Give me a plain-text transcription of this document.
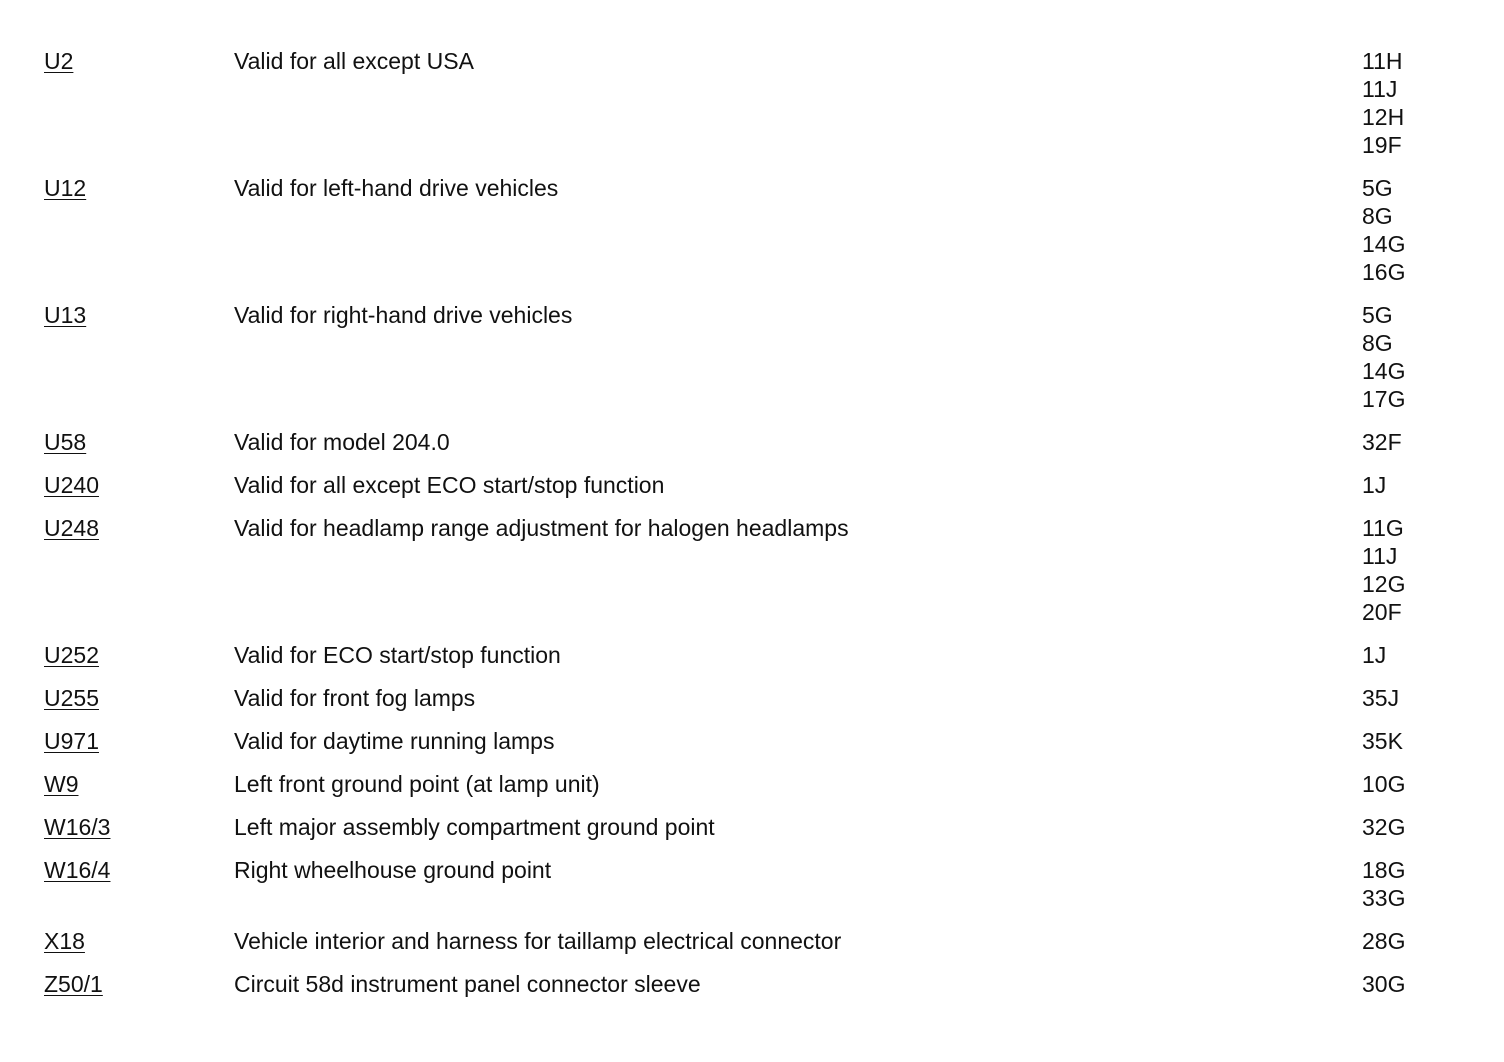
U2	Valid for all except USA	11H
11J
12H
19F
U12	Valid for left-hand drive vehicles	5G
8G
14G
16G
U13	Valid for right-hand drive vehicles	5G
8G
14G
17G
U58	Valid for model 204.0	32F
U240	Valid for all except ECO start/stop function	1J
U248	Valid for headlamp range adjustment for halogen headlamps	11G
11J
12G
20F
U252	Valid for ECO start/stop function	1J
U255	Valid for front fog lamps	35J
U971	Valid for daytime running lamps	35K
W9	Left front ground point (at lamp unit)	10G
W16/3	Left major assembly compartment ground point	32G
W16/4	Right wheelhouse ground point	18G
33G
X18	Vehicle interior and harness for taillamp electrical connector	28G
Z50/1	Circuit 58d instrument panel connector sleeve	30G
